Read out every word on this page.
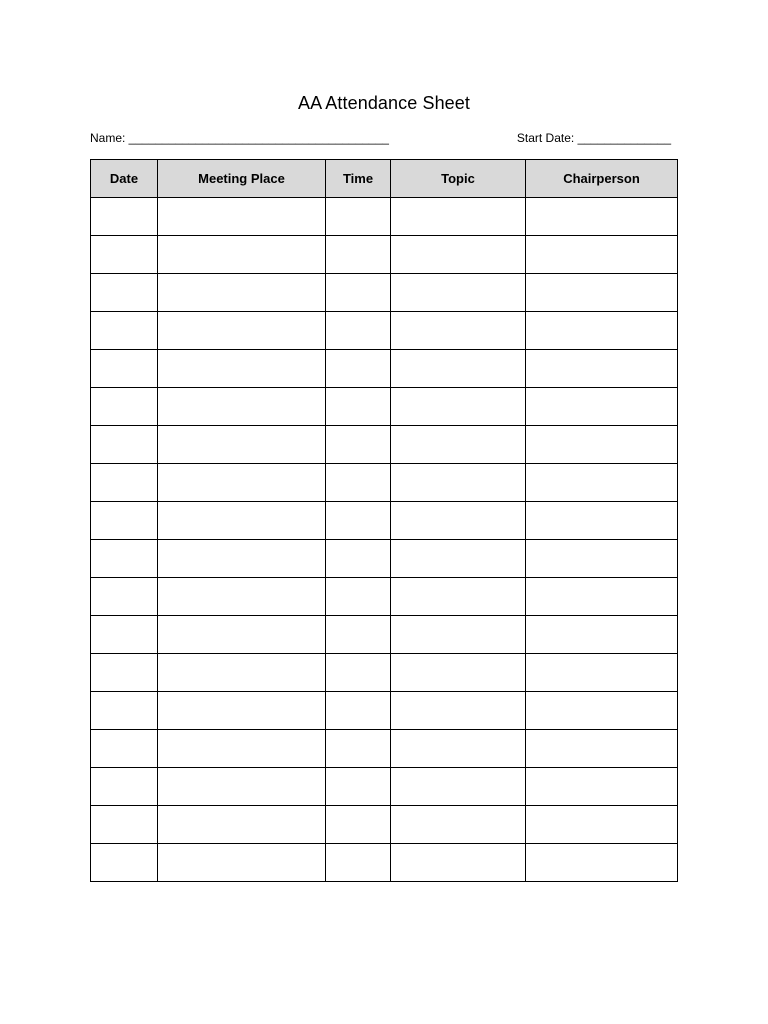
AA Attendance Sheet
Name: _______________________________________	Start Date: ______________
Date	Meeting Place	Time	Topic	Chairperson
